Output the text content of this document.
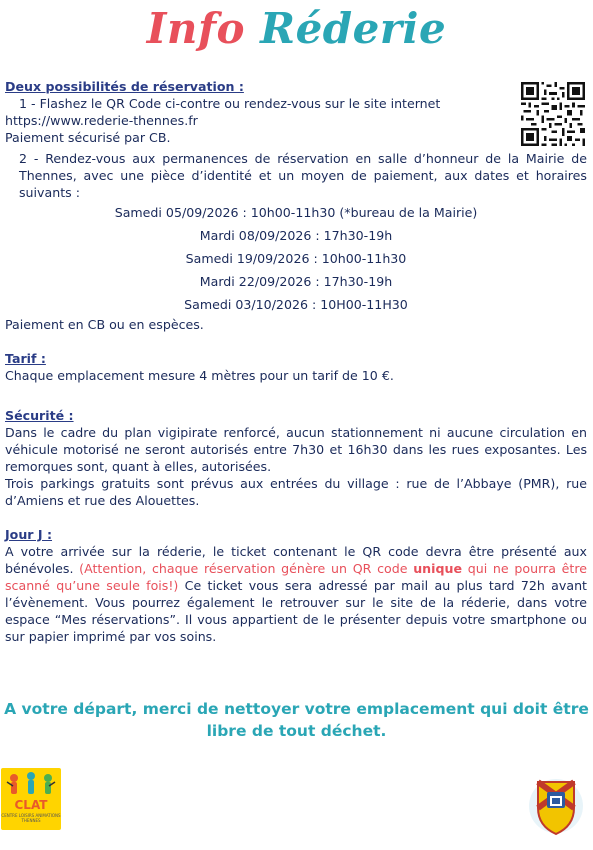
Info Réderie
Deux possibilités de réservation :
1 - Flashez le QR Code ci-contre ou rendez-vous sur le site internet
https://www.rederie-thennes.fr
Paiement sécurisé par CB.
2 - Rendez-vous aux permanences de réservation en salle d’honneur de la Mairie de Thennes, avec une pièce d’identité et un moyen de paiement, aux dates et horaires suivants :
Samedi 05/09/2026 : 10h00-11h30 (*bureau de la Mairie)
Mardi 08/09/2026 : 17h30-19h
Samedi 19/09/2026 : 10h00-11h30
Mardi 22/09/2026 : 17h30-19h
Samedi 03/10/2026 : 10H00-11H30
Paiement en CB ou en espèces.
Tarif :
Chaque emplacement mesure 4 mètres pour un tarif de 10 €.
Sécurité :
Dans le cadre du plan vigipirate renforcé, aucun stationnement ni aucune circulation en véhicule motorisé ne seront autorisés entre 7h30 et 16h30 dans les rues exposantes. Les remorques sont, quant à elles, autorisées.
Trois parkings gratuits sont prévus aux entrées du village : rue de l’Abbaye (PMR), rue d’Amiens et rue des Alouettes.
Jour J :
A votre arrivée sur la réderie, le ticket contenant le QR code devra être présenté aux bénévoles. (Attention, chaque réservation génère un QR code unique qui ne pourra être scanné qu’une seule fois!) Ce ticket vous sera adressé par mail au plus tard 72h avant l’évènement. Vous pourrez également le retrouver sur le site de la réderie, dans votre espace “Mes réservations”. Il vous appartient de le présenter depuis votre smartphone ou sur papier imprimé par vos soins.
A votre départ, merci de nettoyer votre emplacement qui doit être
libre de tout déchet.
CLAT
CENTRE LOISIRS ANIMATIONS THENNES
